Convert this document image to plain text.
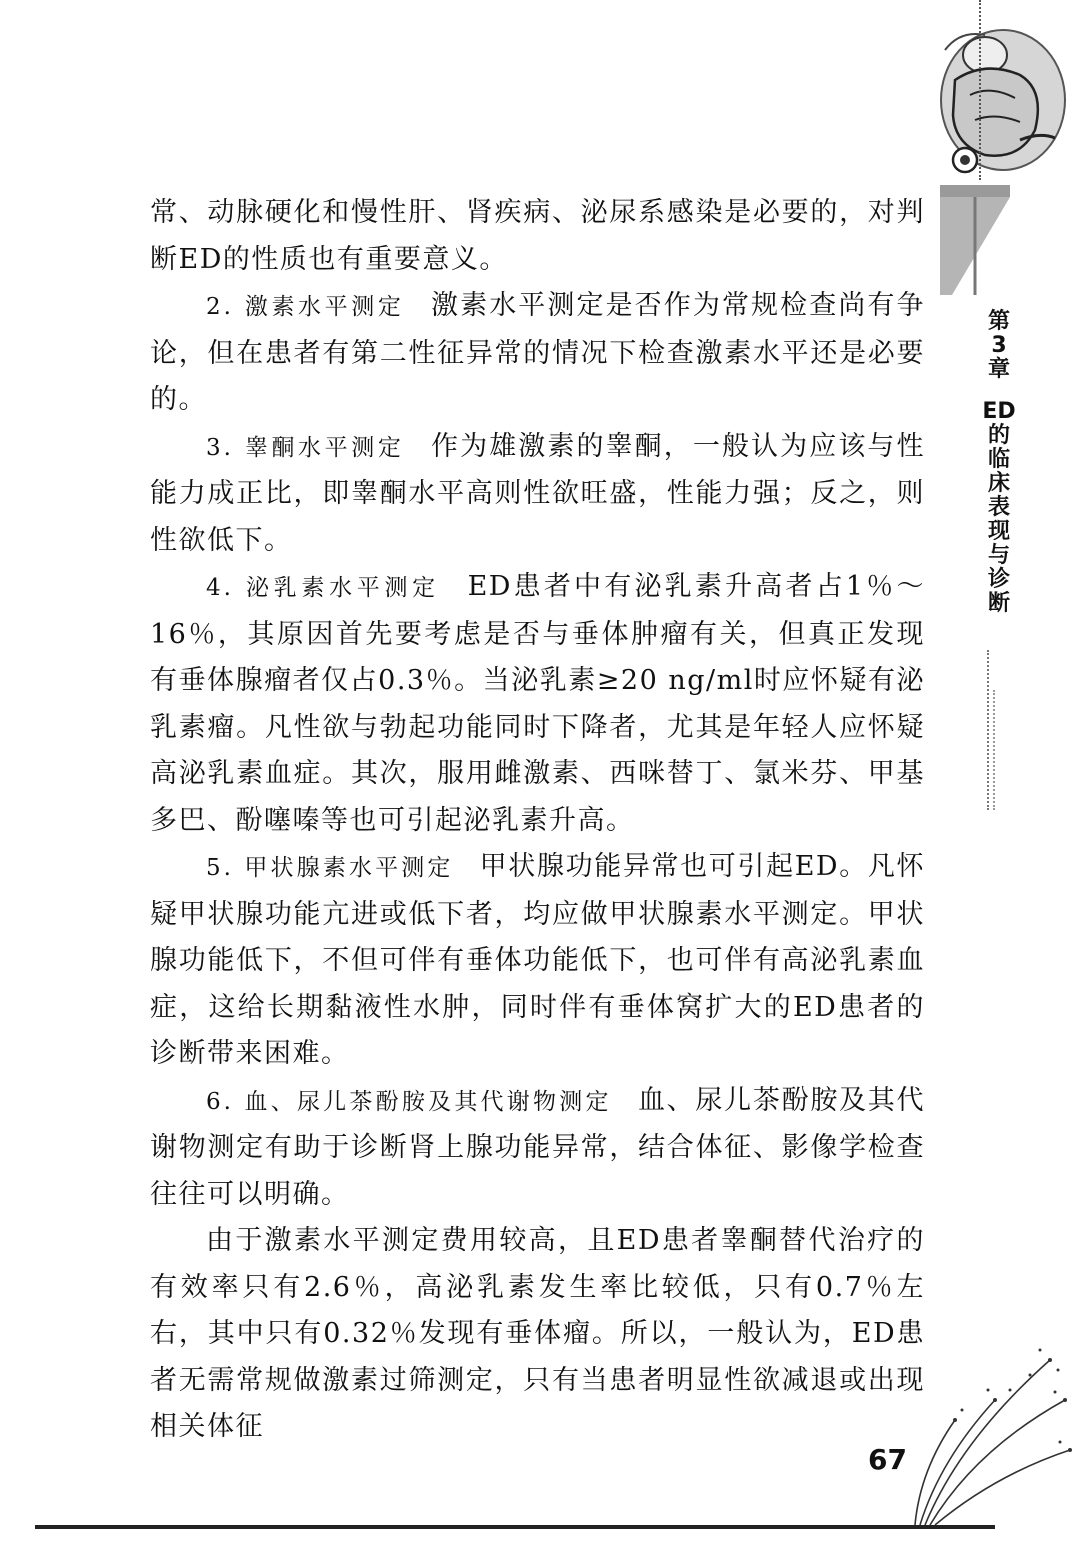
第
3
章
ED
的
临
床
表
现
与
诊
断

常、动脉硬化和慢性肝、肾疾病、泌尿系感染是必要的，对判断ED的性质也有重要意义。

2. 激素水平测定　激素水平测定是否作为常规检查尚有争论，但在患者有第二性征异常的情况下检查激素水平还是必要的。

3. 睾酮水平测定　作为雄激素的睾酮，一般认为应该与性能力成正比，即睾酮水平高则性欲旺盛，性能力强；反之，则性欲低下。

4. 泌乳素水平测定　ED患者中有泌乳素升高者占1％～16％，其原因首先要考虑是否与垂体肿瘤有关，但真正发现有垂体腺瘤者仅占0.3％。当泌乳素≥20 ng/ml时应怀疑有泌乳素瘤。凡性欲与勃起功能同时下降者，尤其是年轻人应怀疑高泌乳素血症。其次，服用雌激素、西咪替丁、氯米芬、甲基多巴、酚噻嗪等也可引起泌乳素升高。

5. 甲状腺素水平测定　甲状腺功能异常也可引起ED。凡怀疑甲状腺功能亢进或低下者，均应做甲状腺素水平测定。甲状腺功能低下，不但可伴有垂体功能低下，也可伴有高泌乳素血症，这给长期黏液性水肿，同时伴有垂体窝扩大的ED患者的诊断带来困难。

6. 血、尿儿茶酚胺及其代谢物测定　血、尿儿茶酚胺及其代谢物测定有助于诊断肾上腺功能异常，结合体征、影像学检查往往可以明确。

由于激素水平测定费用较高，且ED患者睾酮替代治疗的有效率只有2.6％，高泌乳素发生率比较低，只有0.7％左右，其中只有0.32％发现有垂体瘤。所以，一般认为，ED患者无需常规做激素过筛测定，只有当患者明显性欲减退或出现相关体征

67
